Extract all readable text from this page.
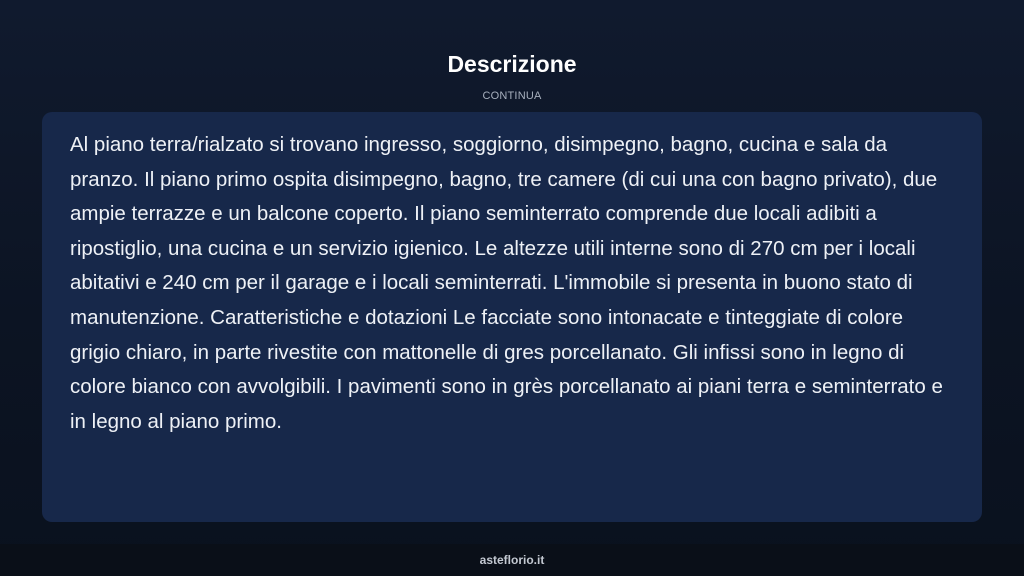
Descrizione
CONTINUA

Al piano terra/rialzato si trovano ingresso, soggiorno, disimpegno, bagno, cucina e sala da pranzo. Il piano primo ospita disimpegno, bagno, tre camere (di cui una con bagno privato), due ampie terrazze e un balcone coperto. Il piano seminterrato comprende due locali adibiti a ripostiglio, una cucina e un servizio igienico. Le altezze utili interne sono di 270 cm per i locali abitativi e 240 cm per il garage e i locali seminterrati. L'immobile si presenta in buono stato di manutenzione. Caratteristiche e dotazioni Le facciate sono intonacate e tinteggiate di colore grigio chiaro, in parte rivestite con mattonelle di gres porcellanato. Gli infissi sono in legno di colore bianco con avvolgibili. I pavimenti sono in grès porcellanato ai piani terra e seminterrato e in legno al piano primo.

asteflorio.it
